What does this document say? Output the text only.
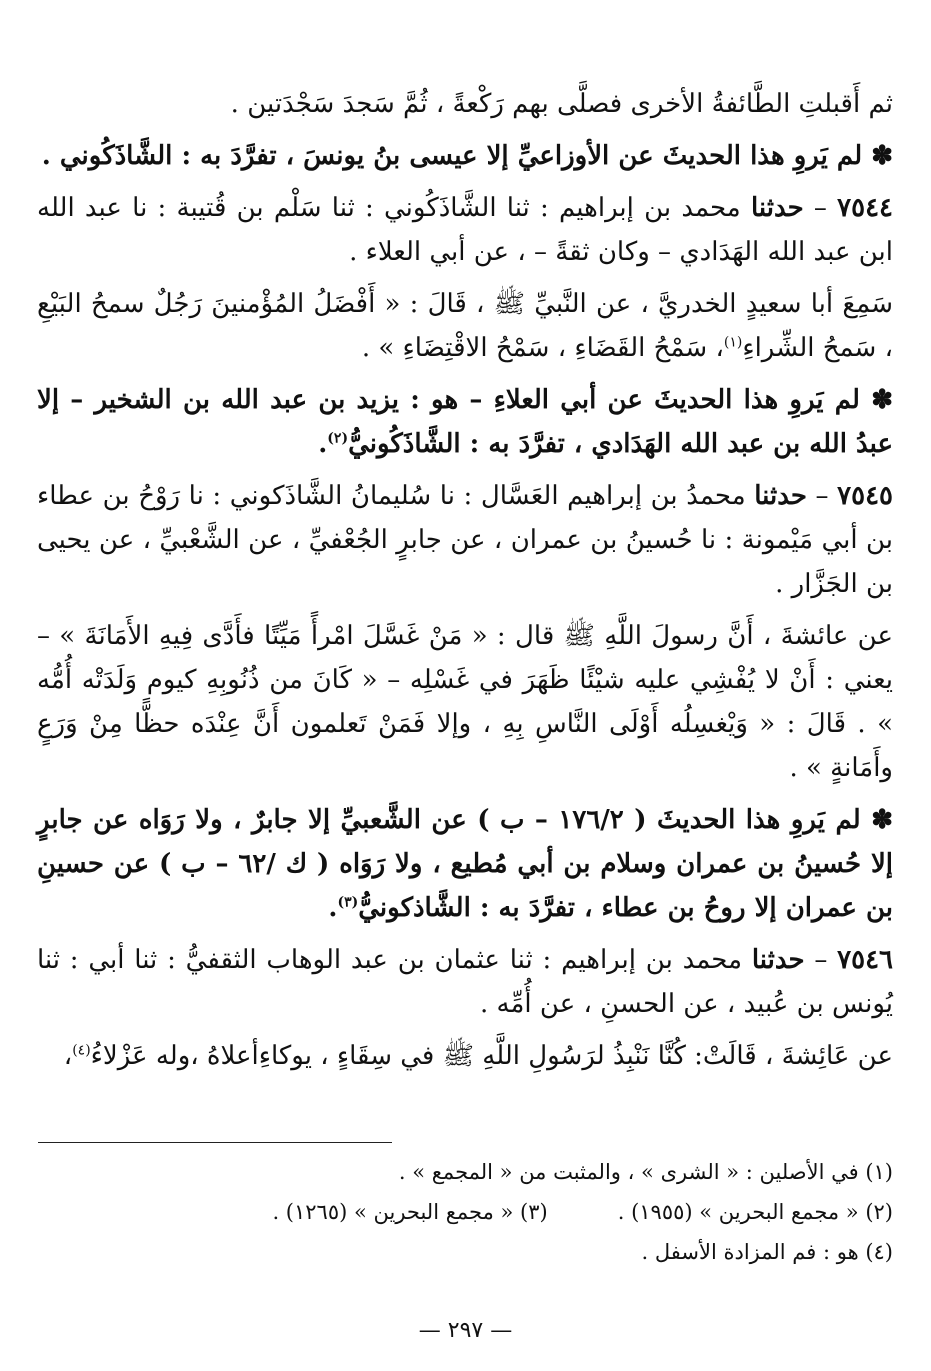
ثم أَقبلتِ الطَّائفةُ الأخرى فصلَّى بهم رَكْعةً ، ثُمَّ سَجدَ سَجْدَتين .

✽ لم يَروِ هذا الحديثَ عن الأوزاعيِّ إلا عيسى بنُ يونسَ ، تفرَّدَ به : الشَّاذَكُوني .

٧٥٤٤ – حدثنا محمد بن إبراهيم : ثنا الشَّاذَكُوني : ثنا سَلْم بن قُتيبة : نا عبد الله ابن عبد الله الهَدَادي – وكان ثقةً – ، عن أبي العلاء .

سَمِعَ أبا سعيدٍ الخدريَّ ، عن النَّبيِّ ﷺ ، قَالَ : « أَفْضَلُ المُؤْمنينَ رَجُلٌ سمحُ البَيْعِ ، سَمحُ الشِّراءِ$^{(١)}$، سَمْحُ القَضَاءِ ، سَمْحُ الاقْتِضَاءِ » .

✽ لم يَروِ هذا الحديثَ عن أبي العلاءِ – هو : يزيد بن عبد الله بن الشخير – إلا عبدُ الله بن عبد الله الهَدَادي ، تفرَّدَ به : الشَّاذَكُونيُّ$^{(٢)}$.

٧٥٤٥ – حدثنا محمدُ بن إبراهيم العَسَّال : نا سُليمانُ الشَّاذَكوني : نا رَوْحُ بن عطاء بن أبي مَيْمونة : نا حُسينُ بن عمران ، عن جابرٍ الجُعْفيِّ ، عن الشَّعْبيِّ ، عن يحيى بن الجَزَّار .

عن عائشةَ ، أَنَّ رسولَ اللَّهِ ﷺ قال : « مَنْ غَسَّلَ امْرأً مَيِّتًا فأَدَّى فِيهِ الأَمَانَةَ » – يعني : أَنْ لا يُفْشِي عليه شيْئًا ظَهَرَ في غَسْلِه – « كَانَ من ذُنُوبِهِ كيوم وَلَدَتْه أُمُّه » . قَالَ : « وَيْغسِلُه أَوْلَى النَّاسِ بِهِ ، وإلا فَمَنْ تَعلمون أَنَّ عِنْدَه حظًّا مِنْ وَرَعٍ وأَمَانةٍ » .

✽ لم يَروِ هذا الحديثَ ( ١٧٦/٢ – ب ) عن الشَّعبيِّ إلا جابرٌ ، ولا رَوَاه عن جابرٍ إلا حُسينُ بن عمران وسلام بن أبي مُطيع ، ولا رَوَاه ( ك /٦٢ – ب ) عن حسينِ بن عمران إلا روحُ بن عطاء ، تفرَّدَ به : الشَّاذكونيُّ$^{(٣)}$.

٧٥٤٦ – حدثنا محمد بن إبراهيم : ثنا عثمان بن عبد الوهاب الثقفيُّ : ثنا أبي : ثنا يُونس بن عُبيد ، عن الحسنِ ، عن أُمِّه .

عن عَائِشةَ ، قَالَتْ: كُنَّا نَنْبِذُ لرَسُولِ اللَّهِ ﷺ في سِقَاءٍ ، يوكاءِأعلاهُ ،وله عَزْلاءُ$^{(٤)}$،

(١) في الأصلين : « الشرى » ، والمثبت من « المجمع » .
(٢) « مجمع البحرين » (١٩٥٥) .
(٣) « مجمع البحرين » (١٢٦٥) .
(٤) هو : فم المزادة الأسفل .
— ٢٩٧ —
